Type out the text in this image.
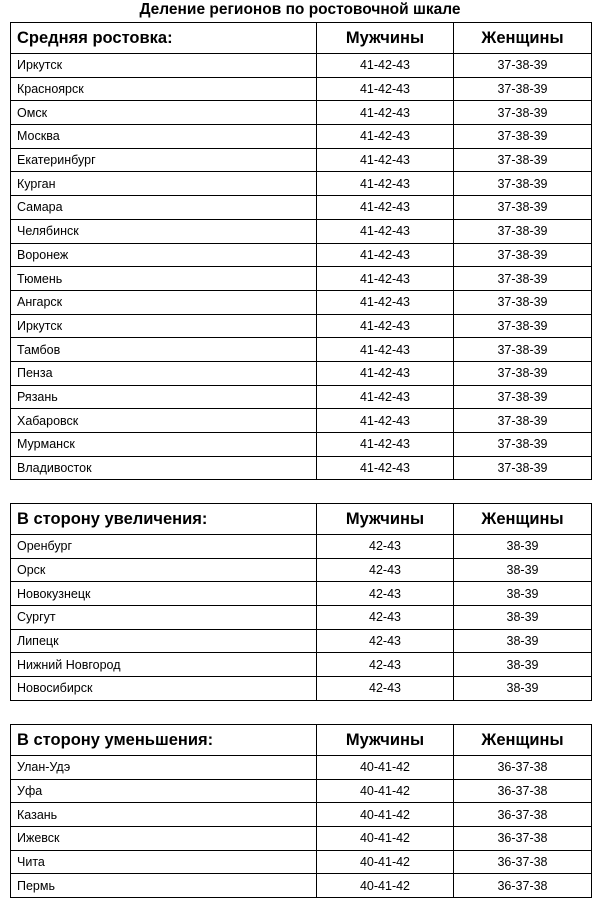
Деление регионов по ростовочной шкале
Средняя ростовка:	Мужчины	Женщины
Иркутск	41-42-43	37-38-39
Красноярск	41-42-43	37-38-39
Омск	41-42-43	37-38-39
Москва	41-42-43	37-38-39
Екатеринбург	41-42-43	37-38-39
Курган	41-42-43	37-38-39
Самара	41-42-43	37-38-39
Челябинск	41-42-43	37-38-39
Воронеж	41-42-43	37-38-39
Тюмень	41-42-43	37-38-39
Ангарск	41-42-43	37-38-39
Иркутск	41-42-43	37-38-39
Тамбов	41-42-43	37-38-39
Пенза	41-42-43	37-38-39
Рязань	41-42-43	37-38-39
Хабаровск	41-42-43	37-38-39
Мурманск	41-42-43	37-38-39
Владивосток	41-42-43	37-38-39
В сторону увеличения:	Мужчины	Женщины
Оренбург	42-43	38-39
Орск	42-43	38-39
Новокузнецк	42-43	38-39
Сургут	42-43	38-39
Липецк	42-43	38-39
Нижний Новгород	42-43	38-39
Новосибирск	42-43	38-39
В сторону уменьшения:	Мужчины	Женщины
Улан-Удэ	40-41-42	36-37-38
Уфа	40-41-42	36-37-38
Казань	40-41-42	36-37-38
Ижевск	40-41-42	36-37-38
Чита	40-41-42	36-37-38
Пермь	40-41-42	36-37-38
